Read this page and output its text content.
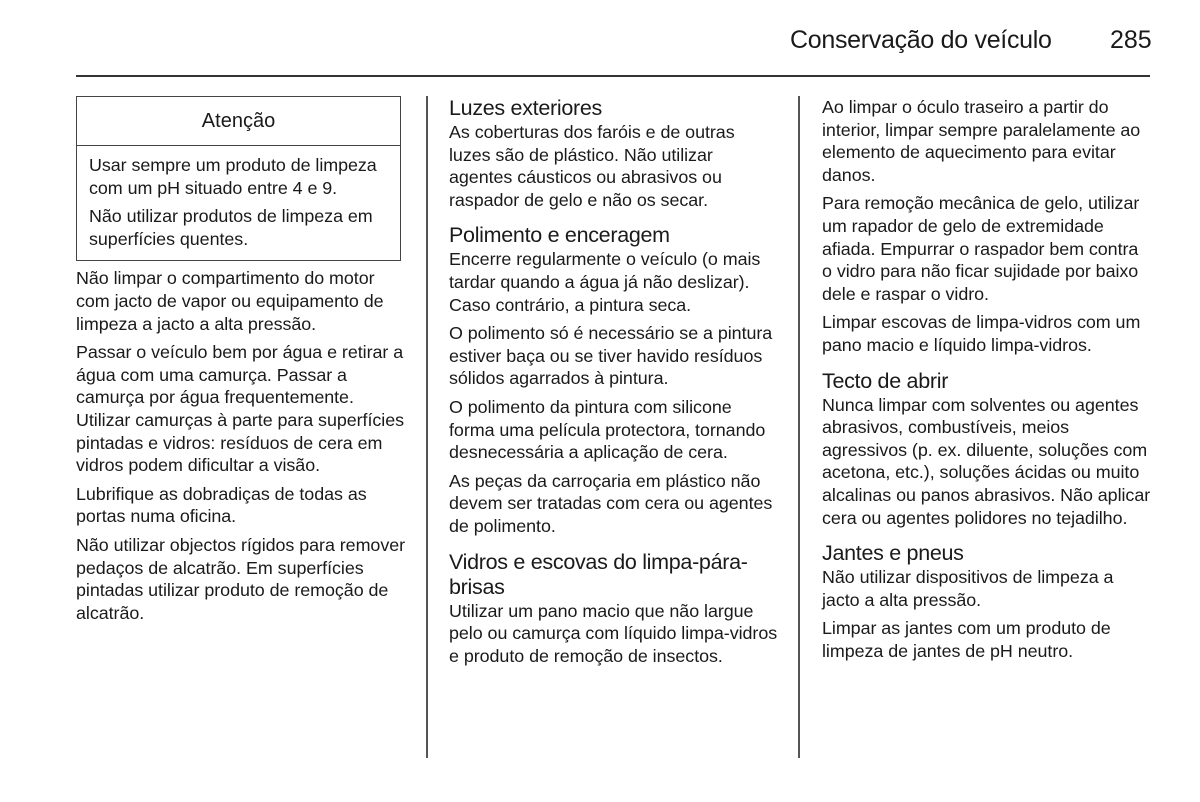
Conservação do veículo 285
Atenção

Usar sempre um produto de limpeza com um pH situado entre 4 e 9.

Não utilizar produtos de limpeza em superfícies quentes.

Não limpar o compartimento do motor com jacto de vapor ou equipamento de limpeza a jacto a alta pressão.

Passar o veículo bem por água e retirar a água com uma camurça. Passar a camurça por água frequentemente. Utilizar camurças à parte para superfícies pintadas e vidros: resíduos de cera em vidros podem dificultar a visão.

Lubrifique as dobradiças de todas as portas numa oficina.

Não utilizar objectos rígidos para remover pedaços de alcatrão. Em superfícies pintadas utilizar produto de remoção de alcatrão.

Luzes exteriores

As coberturas dos faróis e de outras luzes são de plástico. Não utilizar agentes cáusticos ou abrasivos ou raspador de gelo e não os secar.

Polimento e enceragem

Encerre regularmente o veículo (o mais tardar quando a água já não deslizar). Caso contrário, a pintura seca.

O polimento só é necessário se a pintura estiver baça ou se tiver havido resíduos sólidos agarrados à pintura.

O polimento da pintura com silicone forma uma película protectora, tornando desnecessária a aplicação de cera.

As peças da carroçaria em plástico não devem ser tratadas com cera ou agentes de polimento.

Vidros e escovas do limpa-pára-brisas

Utilizar um pano macio que não largue pelo ou camurça com líquido limpa-vidros e produto de remoção de insectos.

Ao limpar o óculo traseiro a partir do interior, limpar sempre paralelamente ao elemento de aquecimento para evitar danos.

Para remoção mecânica de gelo, utilizar um rapador de gelo de extremidade afiada. Empurrar o raspador bem contra o vidro para não ficar sujidade por baixo dele e raspar o vidro.

Limpar escovas de limpa-vidros com um pano macio e líquido limpa-vidros.

Tecto de abrir

Nunca limpar com solventes ou agentes abrasivos, combustíveis, meios agressivos (p. ex. diluente, soluções com acetona, etc.), soluções ácidas ou muito alcalinas ou panos abrasivos. Não aplicar cera ou agentes polidores no tejadilho.

Jantes e pneus

Não utilizar dispositivos de limpeza a jacto a alta pressão.

Limpar as jantes com um produto de limpeza de jantes de pH neutro.
